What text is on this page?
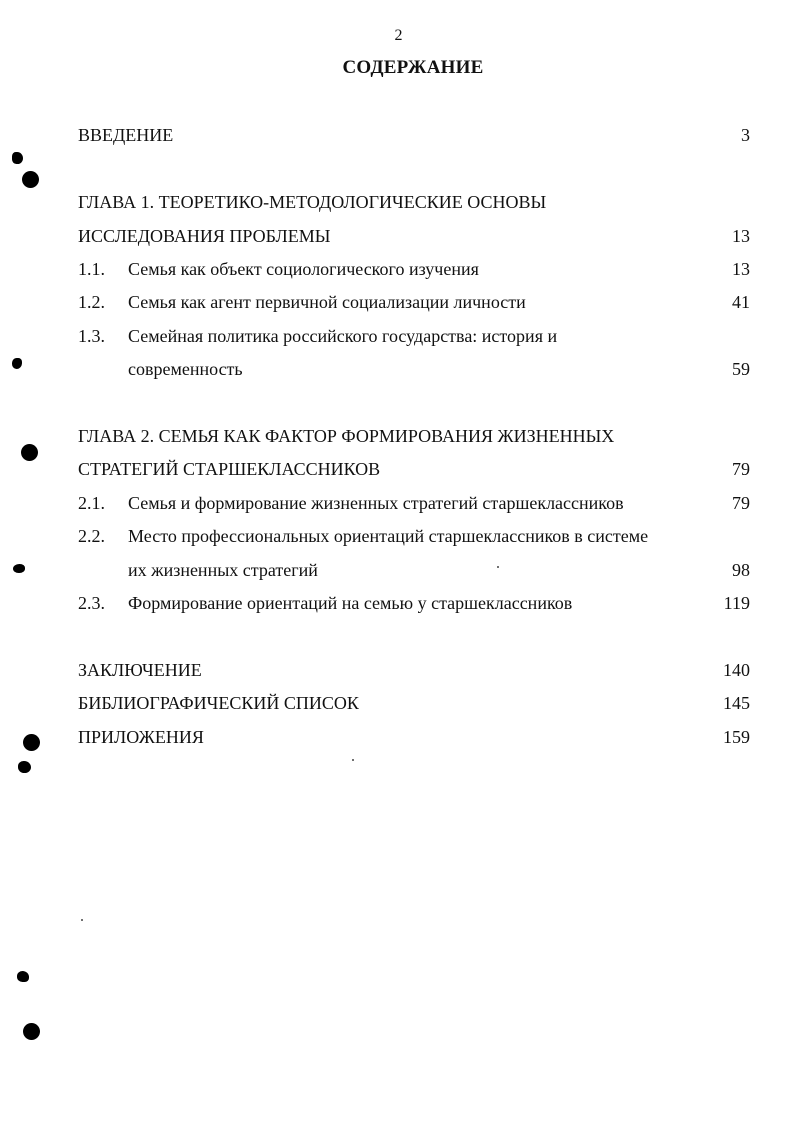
2
СОДЕРЖАНИЕ
ВВЕДЕНИЕ	3
ГЛАВА 1. ТЕОРЕТИКО-МЕТОДОЛОГИЧЕСКИЕ ОСНОВЫ
ИССЛЕДОВАНИЯ ПРОБЛЕМЫ	13
1.1. Семья как объект социологического изучения	13
1.2. Семья как агент первичной социализации личности	41
1.3. Семейная политика российского государства: история и
современность	59
ГЛАВА 2. СЕМЬЯ КАК ФАКТОР ФОРМИРОВАНИЯ ЖИЗНЕННЫХ
СТРАТЕГИЙ СТАРШЕКЛАССНИКОВ	79
2.1. Семья и формирование жизненных стратегий старшеклассников	79
2.2. Место профессиональных ориентаций старшеклассников в системе
их жизненных стратегий	98
2.3. Формирование ориентаций на семью у старшеклассников	119
ЗАКЛЮЧЕНИЕ	140
БИБЛИОГРАФИЧЕСКИЙ СПИСОК	145
ПРИЛОЖЕНИЯ	159
